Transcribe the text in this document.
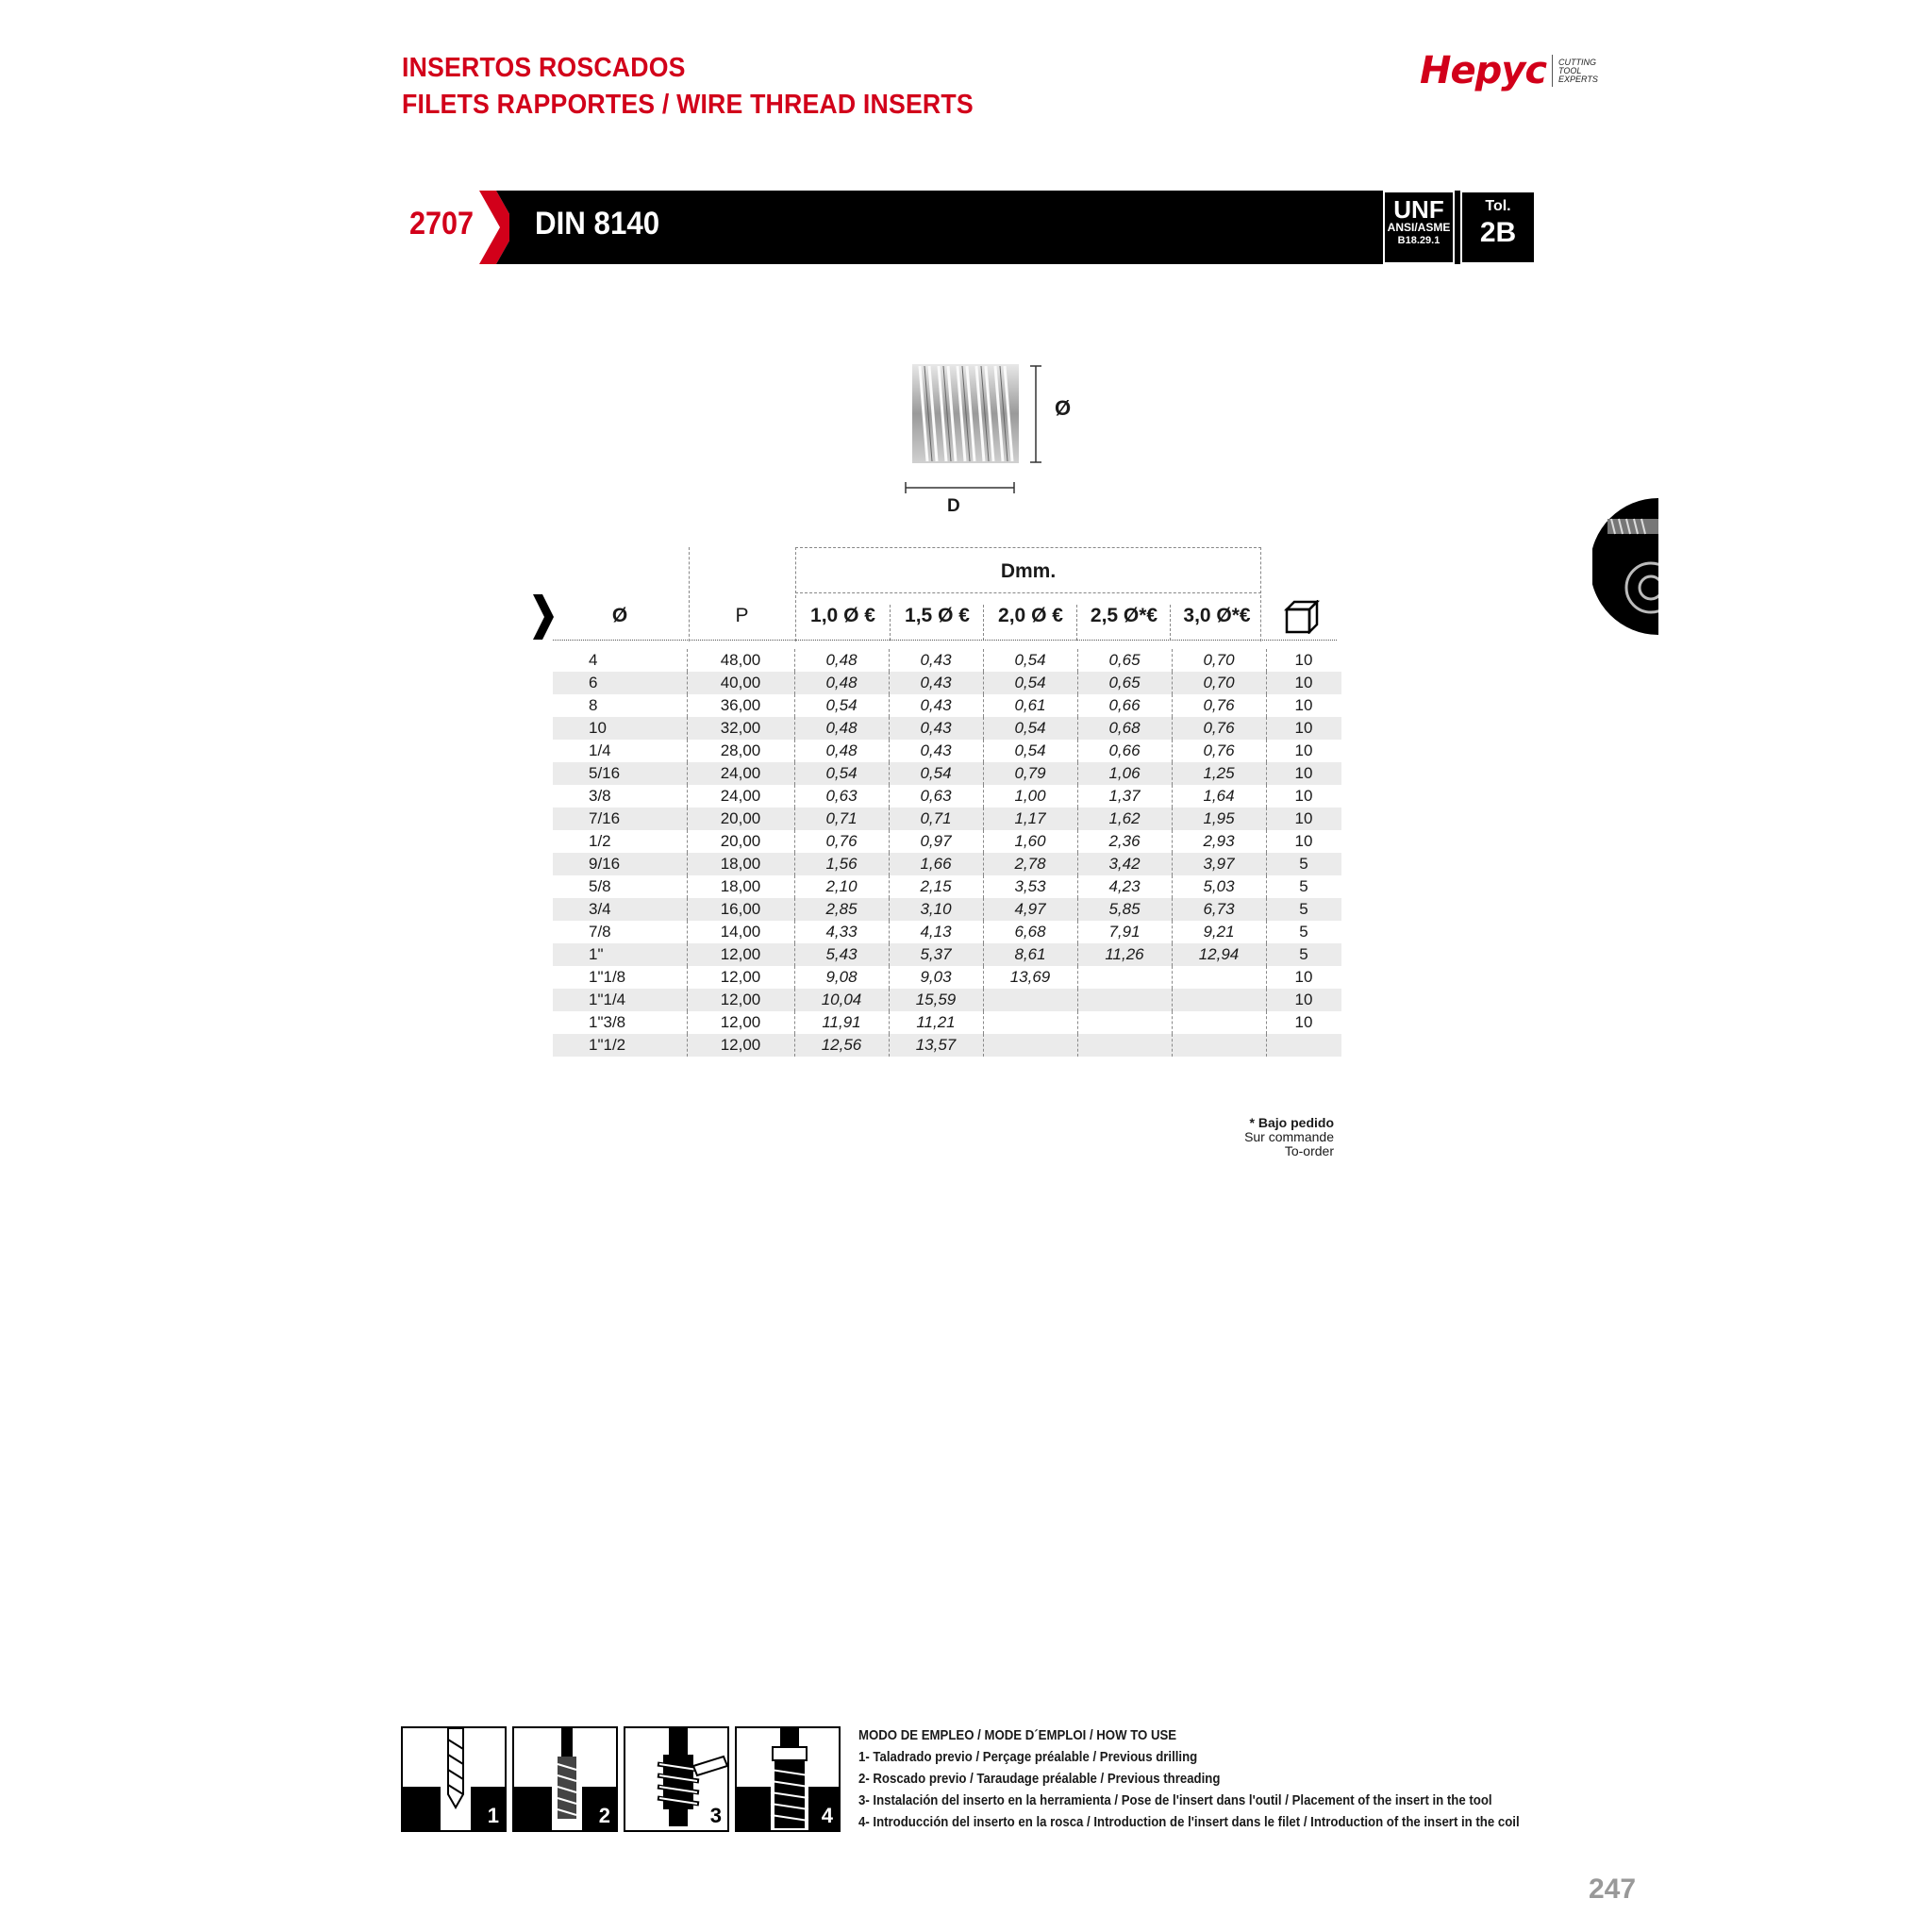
INSERTOS ROSCADOS
FILETS RAPPORTES / WIRE THREAD INSERTS
Hepyc CUTTING
TOOL
EXPERTS
2707 DIN 8140	UNF
ANSI/ASME
B18.29.1
Tol.
2B
Ø
D
Dmm.
Ø	P	1,0 Ø €	1,5 Ø €	2,0 Ø €	2,5 Ø*€	3,0 Ø*€
4	48,00	0,48	0,43	0,54	0,65	0,70	10
6	40,00	0,48	0,43	0,54	0,65	0,70	10
8	36,00	0,54	0,43	0,61	0,66	0,76	10
10	32,00	0,48	0,43	0,54	0,68	0,76	10
1/4	28,00	0,48	0,43	0,54	0,66	0,76	10
5/16	24,00	0,54	0,54	0,79	1,06	1,25	10
3/8	24,00	0,63	0,63	1,00	1,37	1,64	10
7/16	20,00	0,71	0,71	1,17	1,62	1,95	10
1/2	20,00	0,76	0,97	1,60	2,36	2,93	10
9/16	18,00	1,56	1,66	2,78	3,42	3,97	5
5/8	18,00	2,10	2,15	3,53	4,23	5,03	5
3/4	16,00	2,85	3,10	4,97	5,85	6,73	5
7/8	14,00	4,33	4,13	6,68	7,91	9,21	5
1"	12,00	5,43	5,37	8,61	11,26	12,94	5
1"1/8	12,00	9,08	9,03	13,69			10
1"1/4	12,00	10,04	15,59				10
1"3/8	12,00	11,91	11,21				10
1"1/2	12,00	12,56	13,57				
* Bajo pedido
Sur commande
To-order
1	2	3	4
MODO DE EMPLEO / MODE D´EMPLOI / HOW TO USE
1- Taladrado previo / Perçage préalable / Previous drilling
2- Roscado previo / Taraudage préalable / Previous threading
3- Instalación del inserto en la herramienta / Pose de l'insert dans l'outil / Placement of the insert in the tool
4- Introducción del inserto en la rosca / Introduction de l'insert dans le filet / Introduction of the insert in the coil
247
